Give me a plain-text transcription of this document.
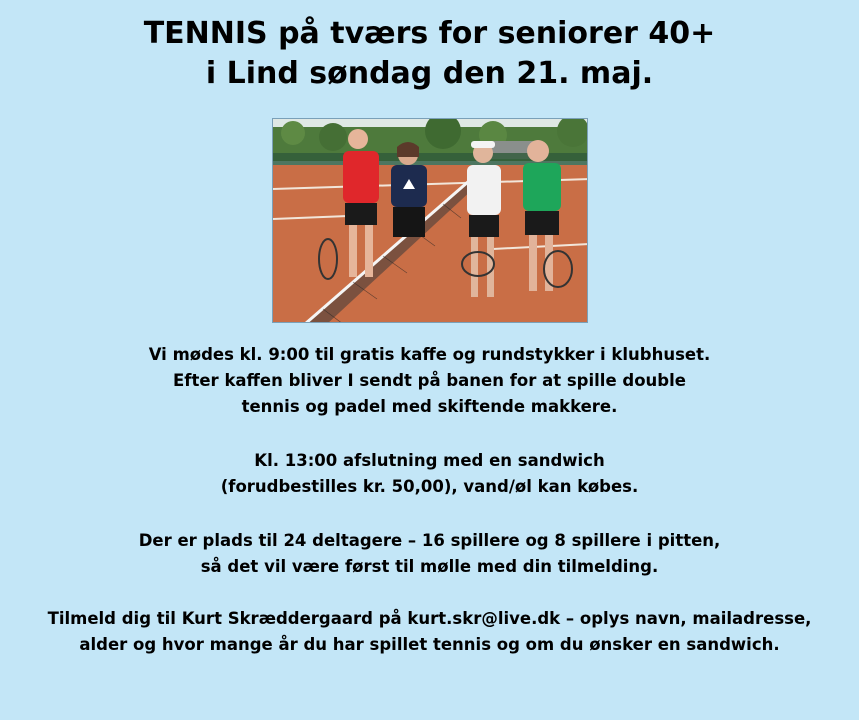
TENNIS på tværs for seniorer 40+
i Lind søndag den 21. maj.

Vi mødes kl. 9:00 til gratis kaffe og rundstykker i klubhuset.
Efter kaffen bliver I sendt på banen for at spille double
tennis og padel med skiftende makkere.

Kl. 13:00 afslutning med en sandwich
(forudbestilles kr. 50,00), vand/øl kan købes.

Der er plads til 24 deltagere – 16 spillere og 8 spillere i pitten,
så det vil være først til mølle med din tilmelding.

Tilmeld dig til Kurt Skræddergaard på kurt.skr@live.dk – oplys navn, mailadresse,
alder og hvor mange år du har spillet tennis og om du ønsker en sandwich.
